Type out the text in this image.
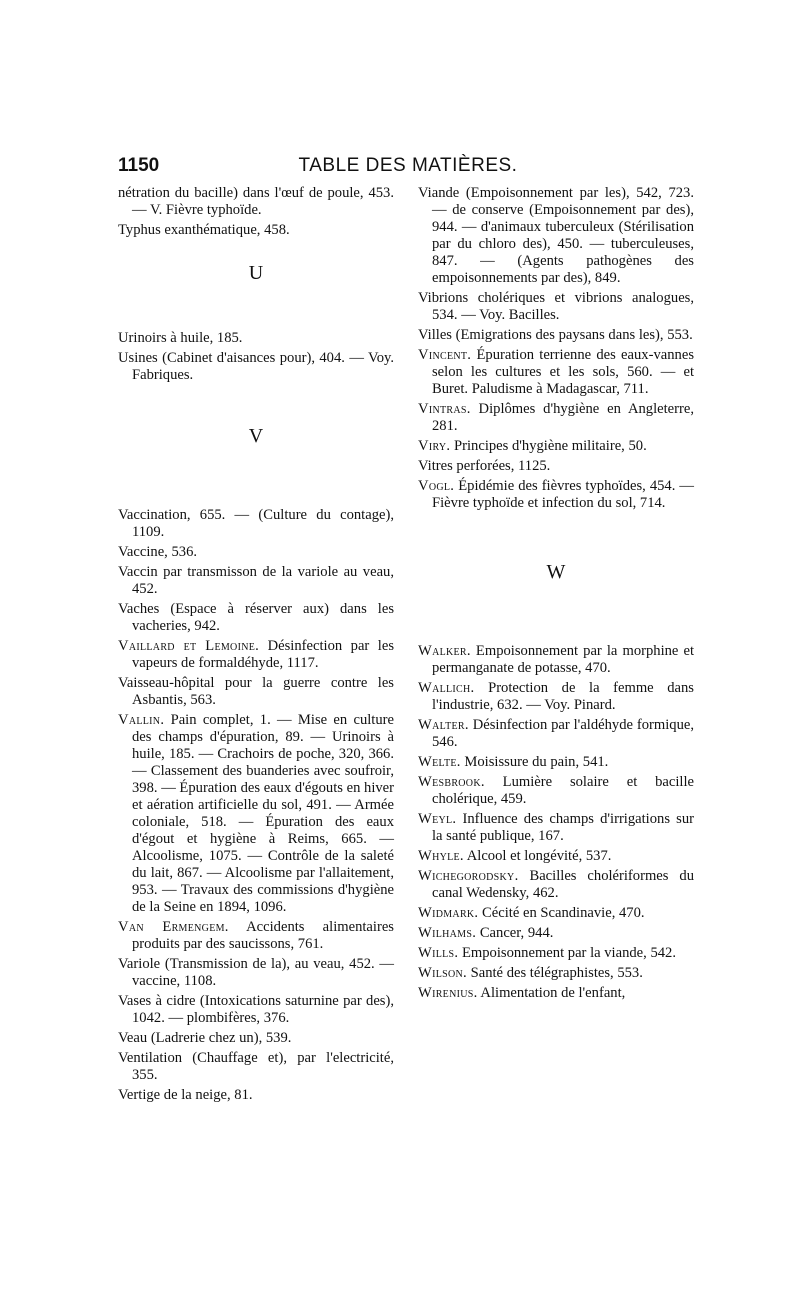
1150	TABLE DES MATIÈRES.

nétration du bacille) dans l'œuf de poule, 453. — V. Fièvre typhoïde.

Typhus exanthématique, 458.

U

Urinoirs à huile, 185.

Usines (Cabinet d'aisances pour), 404. — Voy. Fabriques.

V

Vaccination, 655. — (Culture du contage), 1109.

Vaccine, 536.

Vaccin par transmisson de la variole au veau, 452.

Vaches (Espace à réserver aux) dans les vacheries, 942.

Vaillard et Lemoine. Désinfection par les vapeurs de formaldéhyde, 1117.

Vaisseau-hôpital pour la guerre contre les Asbantis, 563.

Vallin. Pain complet, 1. — Mise en culture des champs d'épuration, 89. — Urinoirs à huile, 185. — Crachoirs de poche, 320, 366. — Classement des buanderies avec soufroir, 398. — Épuration des eaux d'égouts en hiver et aération artificielle du sol, 491. — Armée coloniale, 518. — Épuration des eaux d'égout et hygiène à Reims, 665. — Alcoolisme, 1075. — Contrôle de la saleté du lait, 867. — Alcoolisme par l'allaitement, 953. — Travaux des commissions d'hygiène de la Seine en 1894, 1096.

Van Ermengem. Accidents alimentaires produits par des saucissons, 761.

Variole (Transmission de la), au veau, 452. — vaccine, 1108.

Vases à cidre (Intoxications saturnine par des), 1042. — plombifères, 376.

Veau (Ladrerie chez un), 539.

Ventilation (Chauffage et), par l'electricité, 355.

Vertige de la neige, 81.

Viande (Empoisonnement par les), 542, 723. — de conserve (Empoisonnement par des), 944. — d'animaux tuberculeux (Stérilisation par du chloro des), 450. — tuberculeuses, 847. — (Agents pathogènes des empoisonnements par des), 849.

Vibrions cholériques et vibrions analogues, 534. — Voy. Bacilles.

Villes (Emigrations des paysans dans les), 553.

Vincent. Épuration terrienne des eaux-vannes selon les cultures et les sols, 560. — et Buret. Paludisme à Madagascar, 711.

Vintras. Diplômes d'hygiène en Angleterre, 281.

Viry. Principes d'hygiène militaire, 50.

Vitres perforées, 1125.

Vogl. Épidémie des fièvres typhoïdes, 454. — Fièvre typhoïde et infection du sol, 714.

W

Walker. Empoisonnement par la morphine et permanganate de potasse, 470.

Wallich. Protection de la femme dans l'industrie, 632. — Voy. Pinard.

Walter. Désinfection par l'aldéhyde formique, 546.

Welte. Moisissure du pain, 541.

Wesbrook. Lumière solaire et bacille cholérique, 459.

Weyl. Influence des champs d'irrigations sur la santé publique, 167.

Whyle. Alcool et longévité, 537.

Wichegorodsky. Bacilles cholériformes du canal Wedensky, 462.

Widmark. Cécité en Scandinavie, 470.

Wilhams. Cancer, 944.

Wills. Empoisonnement par la viande, 542.

Wilson. Santé des télégraphistes, 553.

Wirenius. Alimentation de l'enfant,
